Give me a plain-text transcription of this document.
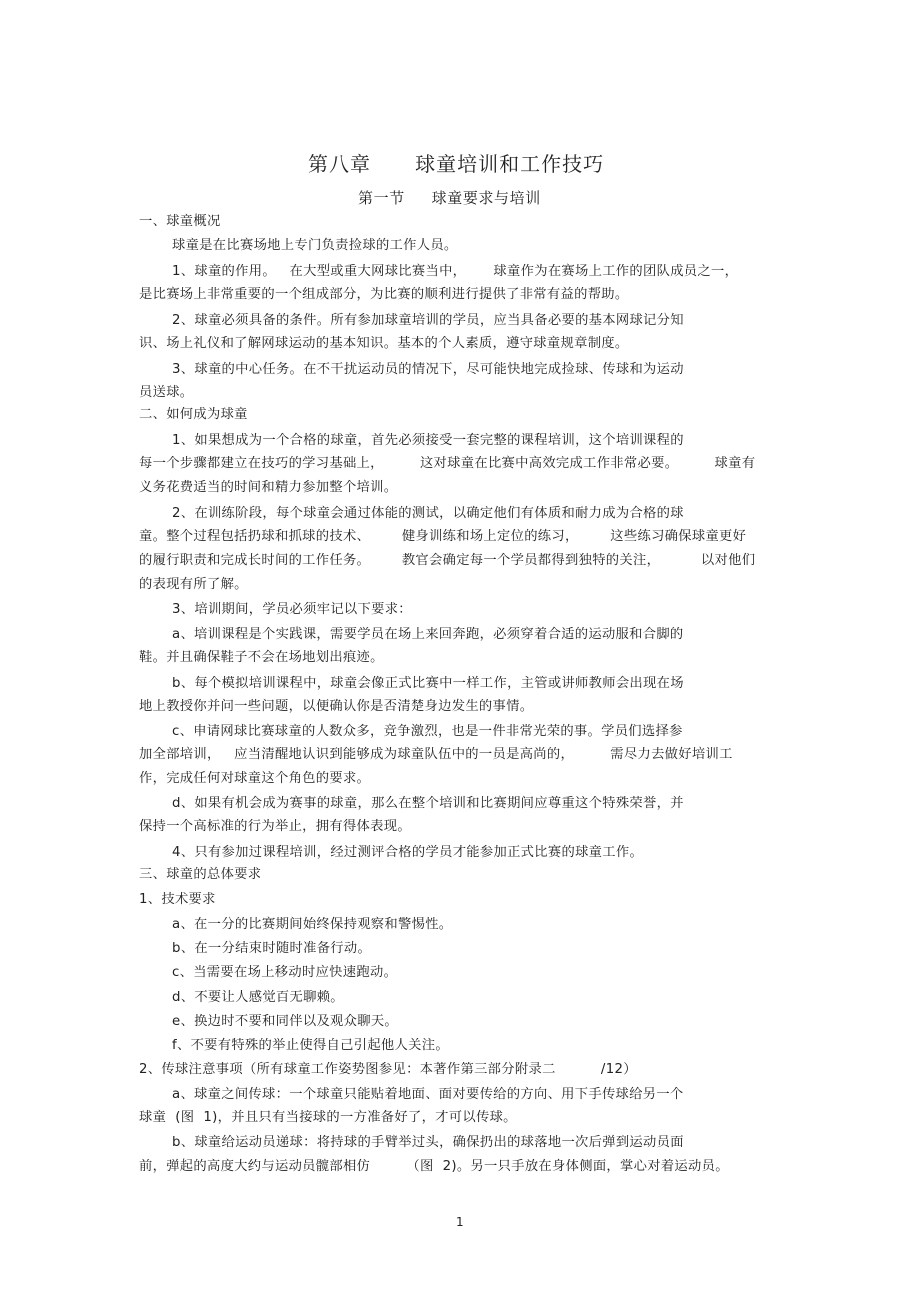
第八章      球童培训和工作技巧
第一节     球童要求与培训
一、球童概况
球童是在比赛场地上专门负责捡球的工作人员。
1、球童的作用。   在大型或重大网球比赛当中，      球童作为在赛场上工作的团队成员之一，
是比赛场上非常重要的一个组成部分，为比赛的顺利进行提供了非常有益的帮助。
2、球童必须具备的条件。所有参加球童培训的学员，应当具备必要的基本网球记分知
识、场上礼仪和了解网球运动的基本知识。基本的个人素质，遵守球童规章制度。
3、球童的中心任务。在不干扰运动员的情况下，尽可能快地完成捡球、传球和为运动
员送球。
二、如何成为球童
1、如果想成为一个合格的球童，首先必须接受一套完整的课程培训，这个培训课程的
每一个步骤都建立在技巧的学习基础上，        这对球童在比赛中高效完成工作非常必要。        球童有
义务花费适当的时间和精力参加整个培训。
2、在训练阶段，每个球童会通过体能的测试，以确定他们有体质和耐力成为合格的球
童。整个过程包括扔球和抓球的技术、       健身训练和场上定位的练习，       这些练习确保球童更好
的履行职责和完成长时间的工作任务。       教官会确定每一个学员都得到独特的关注，         以对他们
的表现有所了解。
3、培训期间，学员必须牢记以下要求：
a、培训课程是个实践课，需要学员在场上来回奔跑，必须穿着合适的运动服和合脚的
鞋。并且确保鞋子不会在场地划出痕迹。
b、每个模拟培训课程中，球童会像正式比赛中一样工作，主管或讲师教师会出现在场
地上教授你并问一些问题，以便确认你是否清楚身边发生的事情。
c、申请网球比赛球童的人数众多，竞争激烈，也是一件非常光荣的事。学员们选择参
加全部培训，   应当清醒地认识到能够成为球童队伍中的一员是高尚的，        需尽力去做好培训工
作，完成任何对球童这个角色的要求。
d、如果有机会成为赛事的球童，那么在整个培训和比赛期间应尊重这个特殊荣誉，并
保持一个高标准的行为举止，拥有得体表现。
4、只有参加过课程培训，经过测评合格的学员才能参加正式比赛的球童工作。
三、球童的总体要求
1、技术要求
a、在一分的比赛期间始终保持观察和警惕性。
b、在一分结束时随时准备行动。
c、当需要在场上移动时应快速跑动。
d、不要让人感觉百无聊赖。
e、换边时不要和同伴以及观众聊天。
f、不要有特殊的举止使得自己引起他人关注。
2、传球注意事项（所有球童工作姿势图参见：本著作第三部分附录二          /12）
a、球童之间传球：一个球童只能贴着地面、面对要传给的方向、用下手传球给另一个
球童  (图  1)，并且只有当接球的一方准备好了，才可以传球。
b、球童给运动员递球：将持球的手臂举过头，确保扔出的球落地一次后弹到运动员面
前，弹起的高度大约与运动员髋部相仿        （图  2)。另一只手放在身体侧面，掌心对着运动员。
1
